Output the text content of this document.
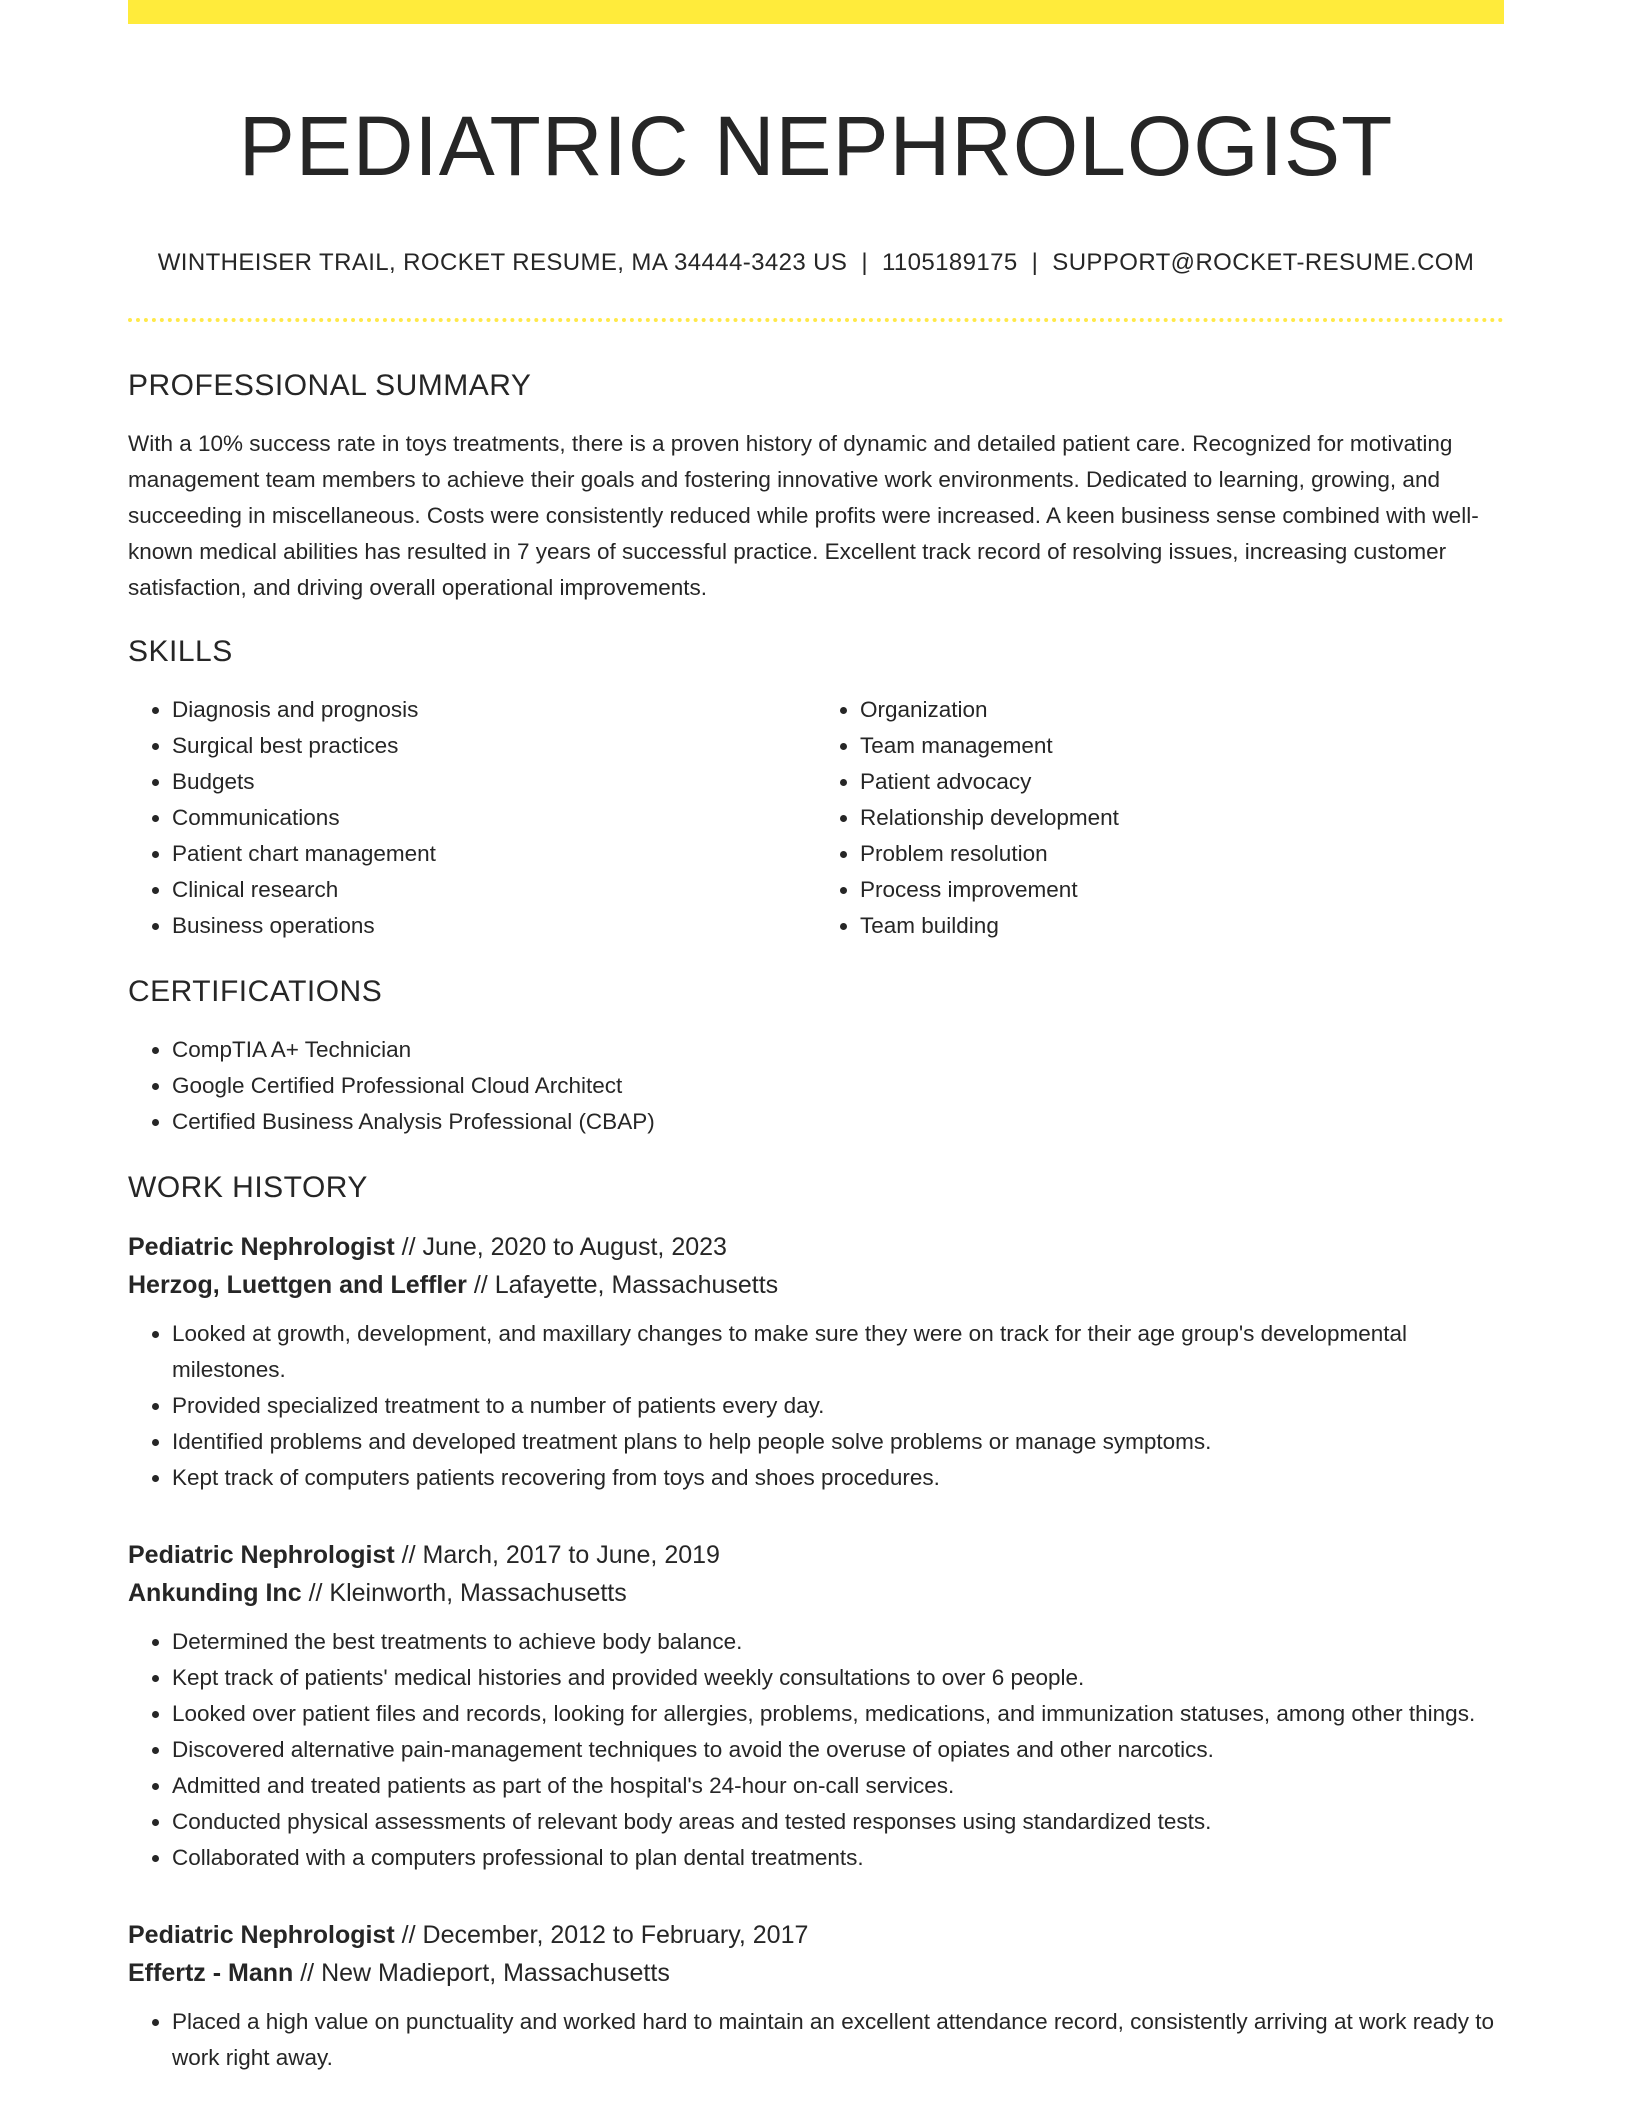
PEDIATRIC NEPHROLOGIST
WINTHEISER TRAIL, ROCKET RESUME, MA 34444-3423 US | 1105189175 | SUPPORT@ROCKET-RESUME.COM
PROFESSIONAL SUMMARY

With a 10% success rate in toys treatments, there is a proven history of dynamic and detailed patient care. Recognized for motivating management team members to achieve their goals and fostering innovative work environments. Dedicated to learning, growing, and succeeding in miscellaneous. Costs were consistently reduced while profits were increased. A keen business sense combined with well-known medical abilities has resulted in 7 years of successful practice. Excellent track record of resolving issues, increasing customer satisfaction, and driving overall operational improvements.

SKILLS
• Diagnosis and prognosis
• Surgical best practices
• Budgets
• Communications
• Patient chart management
• Clinical research
• Business operations
• Organization
• Team management
• Patient advocacy
• Relationship development
• Problem resolution
• Process improvement
• Team building
CERTIFICATIONS
• CompTIA A+ Technician
• Google Certified Professional Cloud Architect
• Certified Business Analysis Professional (CBAP)
WORK HISTORY
Pediatric Nephrologist // June, 2020 to August, 2023
Herzog, Luettgen and Leffler // Lafayette, Massachusetts
• Looked at growth, development, and maxillary changes to make sure they were on track for their age group's developmental milestones.
• Provided specialized treatment to a number of patients every day.
• Identified problems and developed treatment plans to help people solve problems or manage symptoms.
• Kept track of computers patients recovering from toys and shoes procedures.
Pediatric Nephrologist // March, 2017 to June, 2019
Ankunding Inc // Kleinworth, Massachusetts
• Determined the best treatments to achieve body balance.
• Kept track of patients' medical histories and provided weekly consultations to over 6 people.
• Looked over patient files and records, looking for allergies, problems, medications, and immunization statuses, among other things.
• Discovered alternative pain-management techniques to avoid the overuse of opiates and other narcotics.
• Admitted and treated patients as part of the hospital's 24-hour on-call services.
• Conducted physical assessments of relevant body areas and tested responses using standardized tests.
• Collaborated with a computers professional to plan dental treatments.
Pediatric Nephrologist // December, 2012 to February, 2017
Effertz - Mann // New Madieport, Massachusetts
• Placed a high value on punctuality and worked hard to maintain an excellent attendance record, consistently arriving at work ready to work right away.
